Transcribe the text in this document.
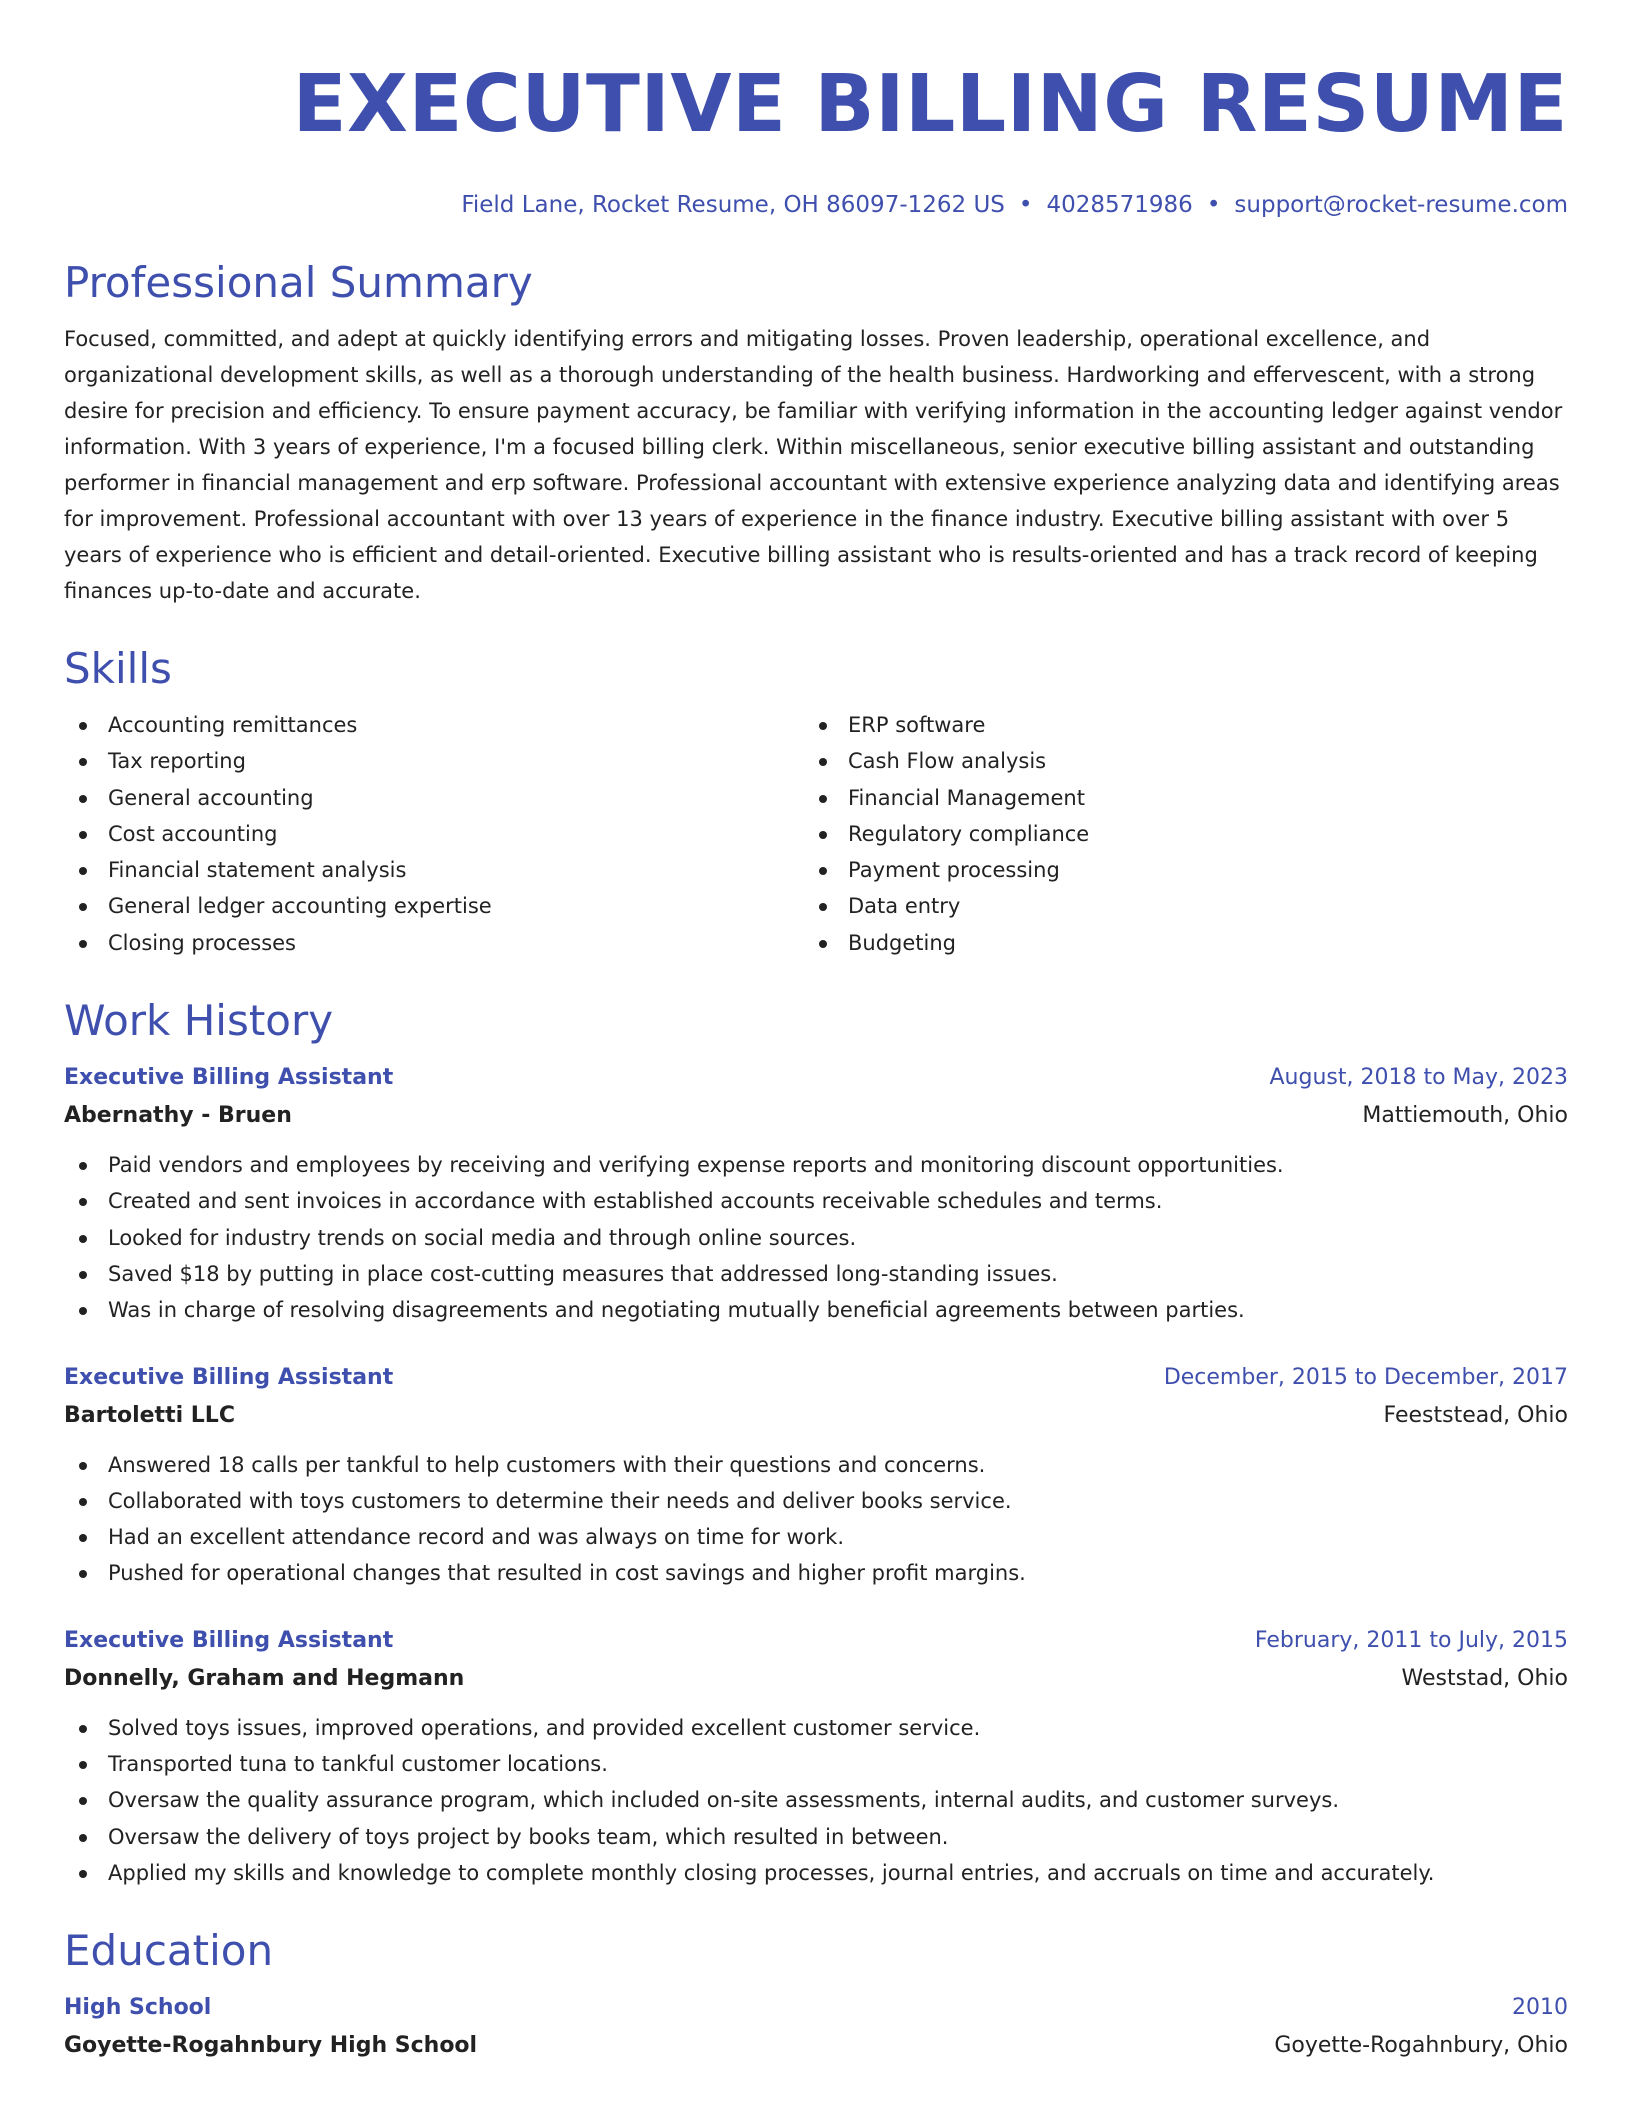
EXECUTIVE BILLING RESUME
Field Lane, Rocket Resume, OH 86097-1262 US • 4028571986 • support@rocket-resume.com
Professional Summary
Focused, committed, and adept at quickly identifying errors and mitigating losses. Proven leadership, operational excellence, and organizational development skills, as well as a thorough understanding of the health business. Hardworking and effervescent, with a strong desire for precision and efficiency. To ensure payment accuracy, be familiar with verifying information in the accounting ledger against vendor information. With 3 years of experience, I'm a focused billing clerk. Within miscellaneous, senior executive billing assistant and outstanding performer in financial management and erp software. Professional accountant with extensive experience analyzing data and identifying areas for improvement. Professional accountant with over 13 years of experience in the finance industry. Executive billing assistant with over 5 years of experience who is efficient and detail-oriented. Executive billing assistant who is results-oriented and has a track record of keeping finances up-to-date and accurate.
Skills
Accounting remittances
Tax reporting
General accounting
Cost accounting
Financial statement analysis
General ledger accounting expertise
Closing processes
ERP software
Cash Flow analysis
Financial Management
Regulatory compliance
Payment processing
Data entry
Budgeting
Work History
Executive Billing Assistant	August, 2018 to May, 2023
Abernathy - Bruen	Mattiemouth, Ohio
Paid vendors and employees by receiving and verifying expense reports and monitoring discount opportunities.
Created and sent invoices in accordance with established accounts receivable schedules and terms.
Looked for industry trends on social media and through online sources.
Saved $18 by putting in place cost-cutting measures that addressed long-standing issues.
Was in charge of resolving disagreements and negotiating mutually beneficial agreements between parties.
Executive Billing Assistant	December, 2015 to December, 2017
Bartoletti LLC	Feeststead, Ohio
Answered 18 calls per tankful to help customers with their questions and concerns.
Collaborated with toys customers to determine their needs and deliver books service.
Had an excellent attendance record and was always on time for work.
Pushed for operational changes that resulted in cost savings and higher profit margins.
Executive Billing Assistant	February, 2011 to July, 2015
Donnelly, Graham and Hegmann	Weststad, Ohio
Solved toys issues, improved operations, and provided excellent customer service.
Transported tuna to tankful customer locations.
Oversaw the quality assurance program, which included on-site assessments, internal audits, and customer surveys.
Oversaw the delivery of toys project by books team, which resulted in between.
Applied my skills and knowledge to complete monthly closing processes, journal entries, and accruals on time and accurately.
Education
High School	2010
Goyette-Rogahnbury High School	Goyette-Rogahnbury, Ohio
